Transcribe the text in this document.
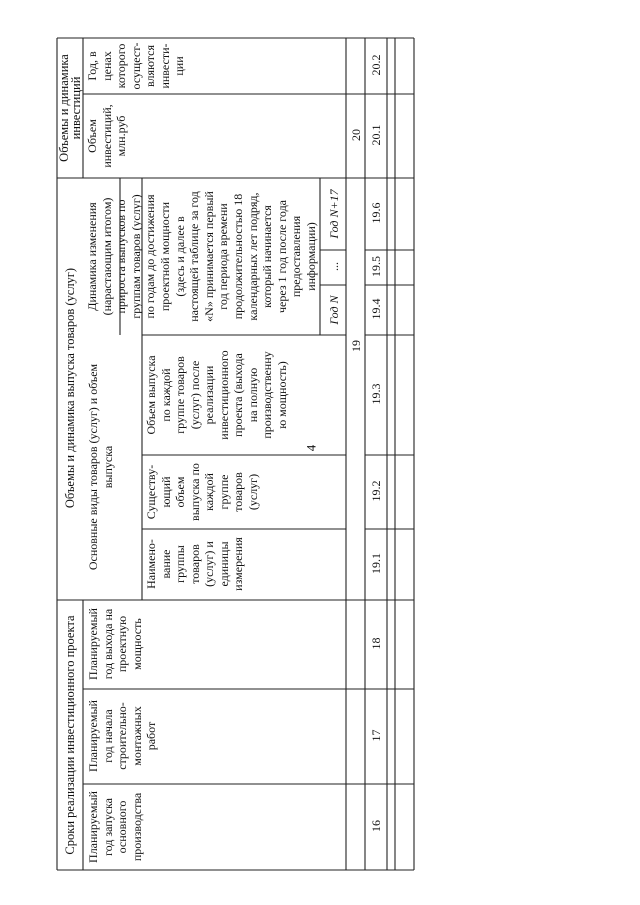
4
Сроки реализации инвестиционного проекта
Объемы и динамика инвестиций
Объемы и динамика выпуска товаров (услуг)
Планируемый год запуска основного производства
Планируемый год начала строительно- монтажных работ
Планируемый год выхода на проектную мощность
Основные виды товаров (услуг) и объем выпуска
Наимено- вание группы товаров (услуг) и единицы измерения
Существу- ющий объем выпуска по каждой группе товаров (услуг)
Объем выпуска по каждой группе товаров (услуг) после реализации инвестиционного проекта (выхода на полную производственну ю мощность)
Динамика изменения (нарастающим итогом) прироста выпусков по группам товаров (услуг) по годам до достижения проектной мощности (здесь и далее в настоящей таблице за год «N» принимается первый год периода времени продолжительностью 18 календарных лет подряд, который начинается через 1 год после года предоставления информации)
Год N
...
Год N+17
Объем инвестиций, млн.руб
Год, в ценах которого осущест- вляются инвести- ции
19
20
16
17
18
19.1
19.2
19.3
19.4
19.5
19.6
20.1
20.2
